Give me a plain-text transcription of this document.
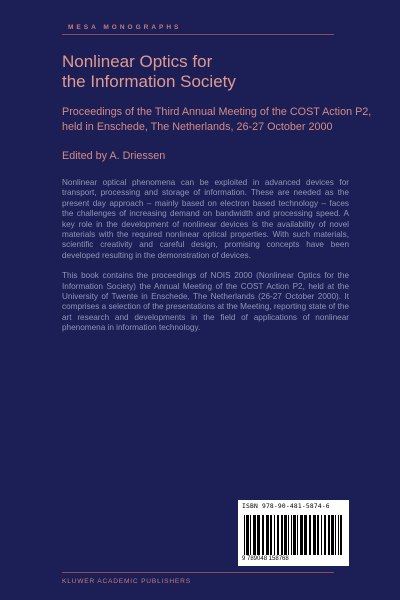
MESA MONOGRAPHS
Nonlinear Optics for
the Information Society
Proceedings of the Third Annual Meeting of the COST Action P2,
held in Enschede, The Netherlands, 26-27 October 2000
Edited by A. Driessen

Nonlinear optical phenomena can be exploited in advanced devices for transport, processing and storage of information. These are needed as the present day approach – mainly based on electron based technology – faces the challenges of increasing demand on bandwidth and processing speed. A key role in the development of nonlinear devices is the availability of novel materials with the required nonlinear optical properties. With such materials, scientific creativity and careful design, promising concepts have been developed resulting in the demonstration of devices.

This book contains the proceedings of NOIS 2000 (Nonlinear Optics for the Information Society) the Annual Meeting of the COST Action P2, held at the University of Twente in Enschede, The Netherlands (26-27 October 2000). It comprises a selection of the presentations at the Meeting, reporting state of the art research and developments in the field of applications of nonlinear phenomena in information technology.

ISBN 978-90-481-5874-6
9 789048 158768
KLUWER ACADEMIC PUBLISHERS
